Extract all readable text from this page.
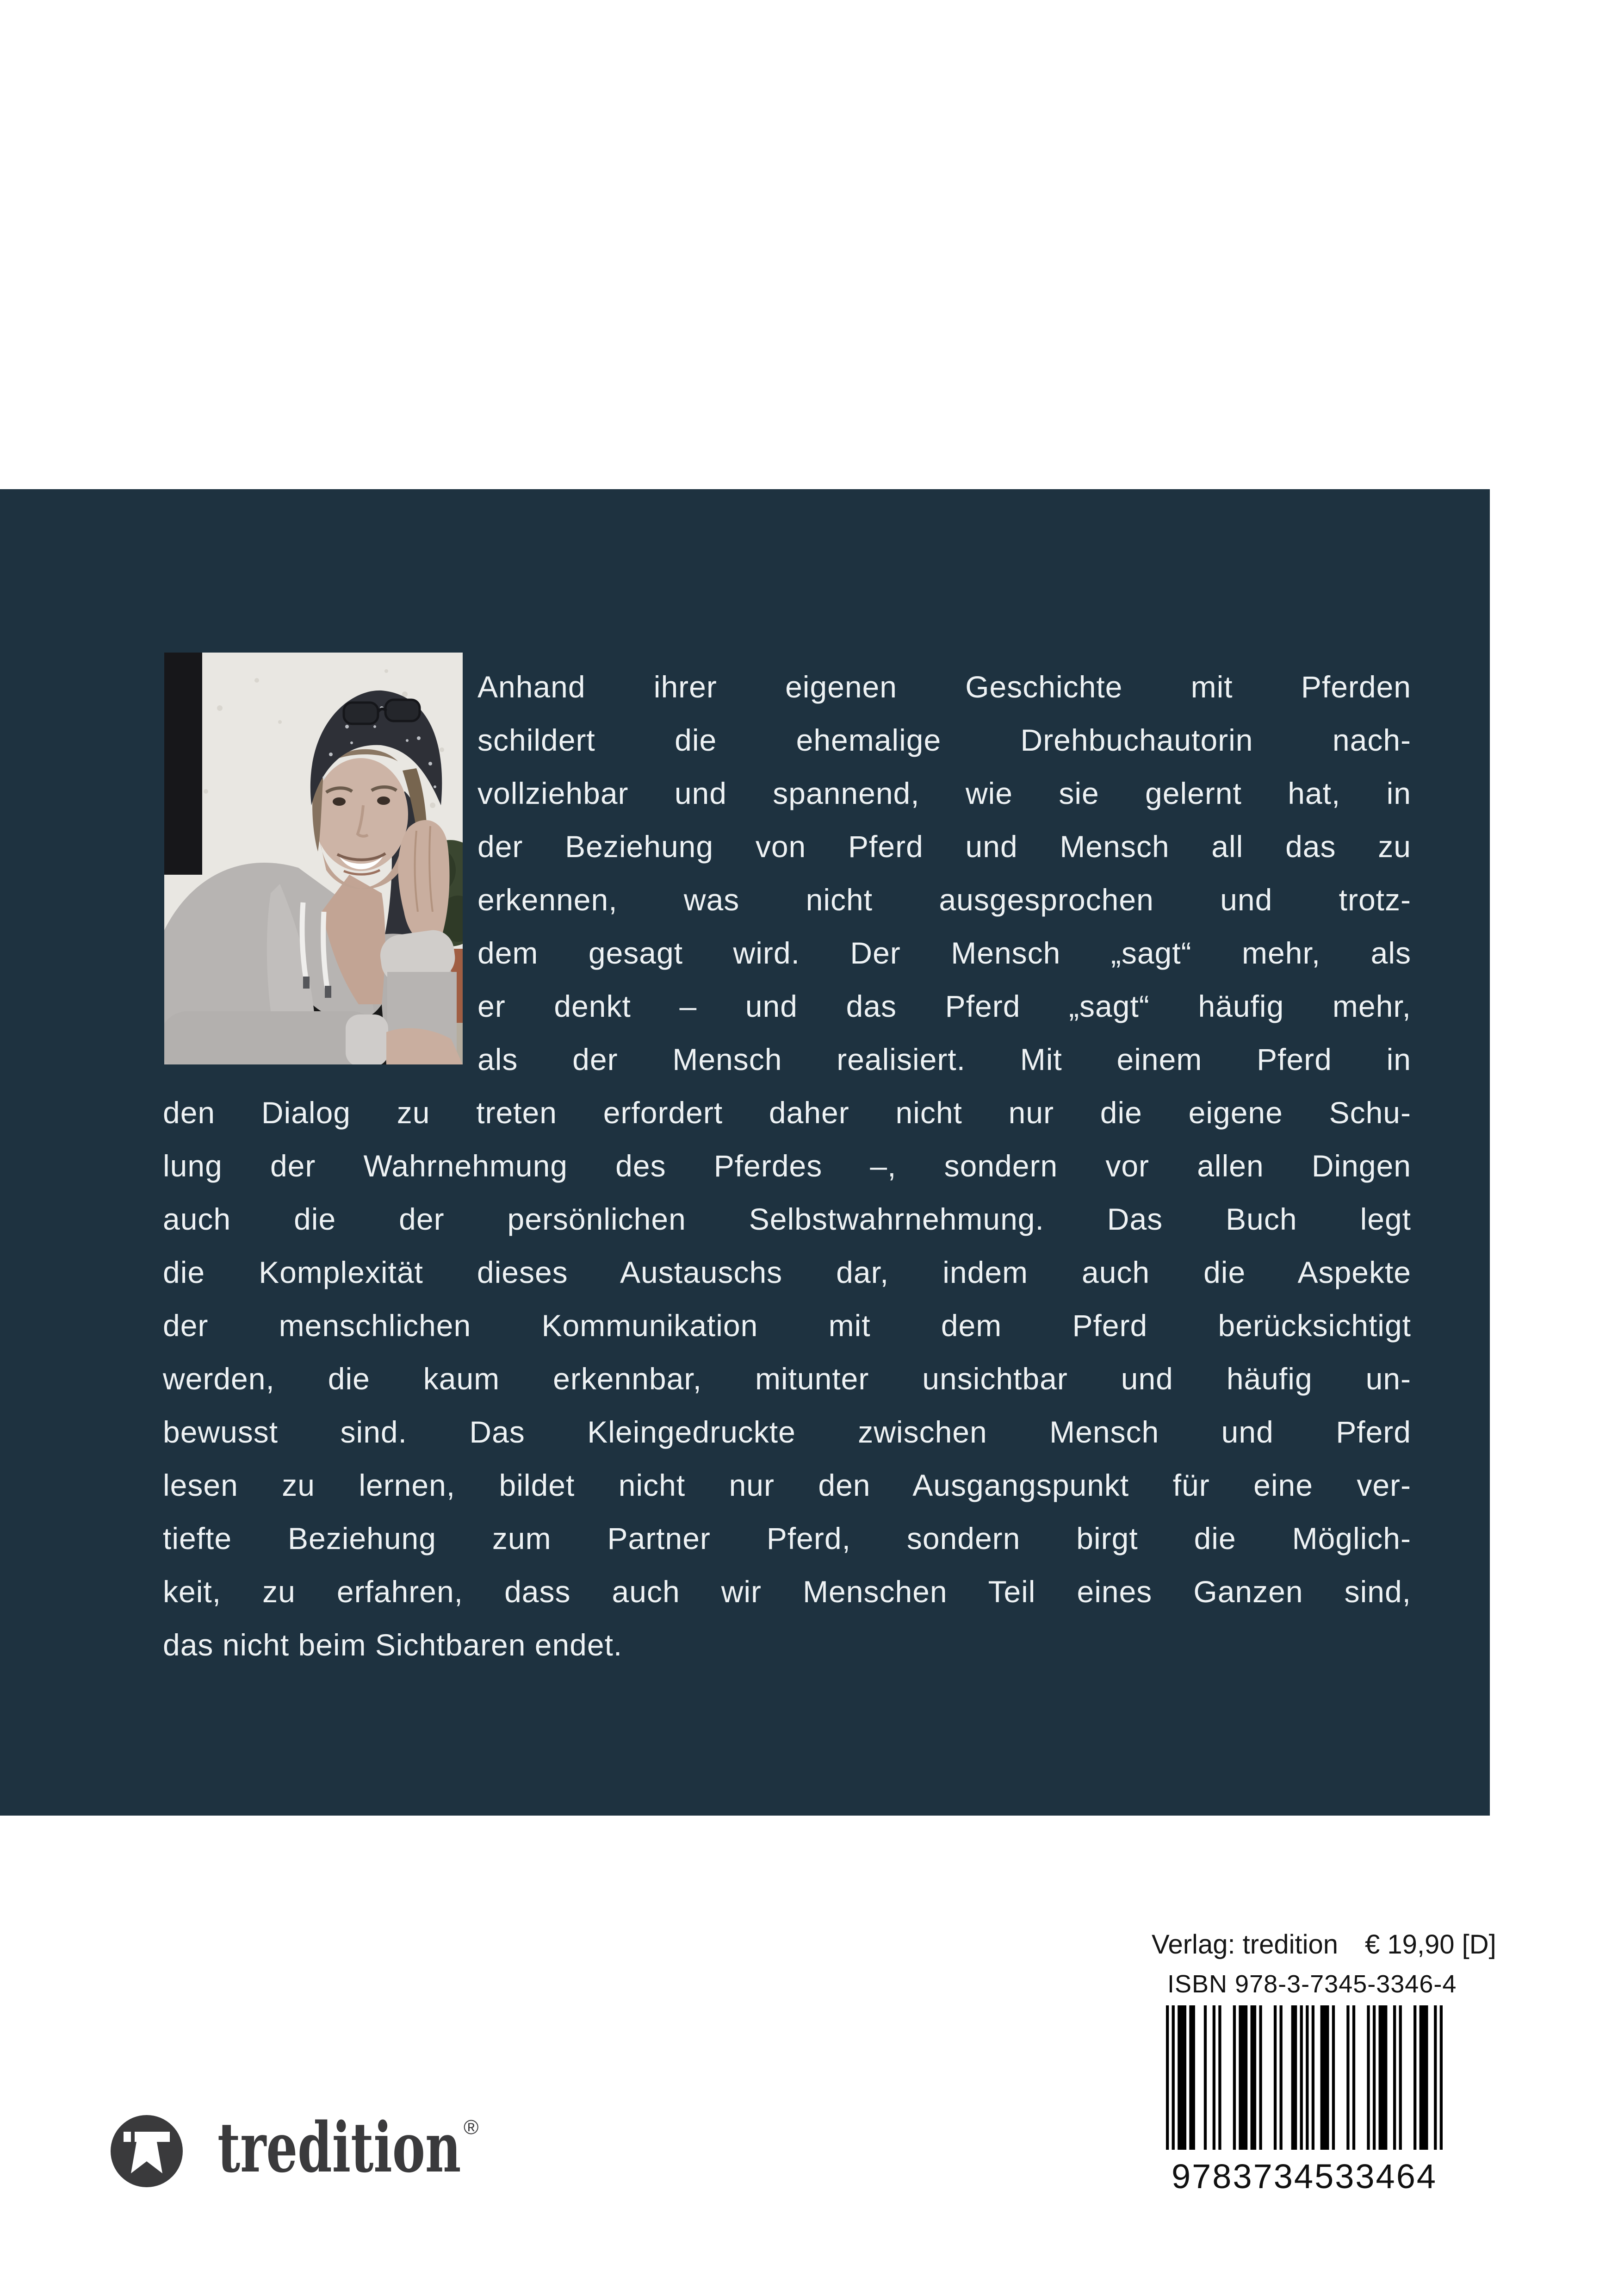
Anhand ihrer eigenen Geschichte mit Pferden
schildert die ehemalige Drehbuchautorin nach-
vollziehbar und spannend, wie sie gelernt hat, in
der Beziehung von Pferd und Mensch all das zu
erkennen, was nicht ausgesprochen und trotz-
dem gesagt wird. Der Mensch „sagt“ mehr, als
er denkt – und das Pferd „sagt“ häufig mehr,
als der Mensch realisiert. Mit einem Pferd in
den Dialog zu treten erfordert daher nicht nur die eigene Schu-
lung der Wahrnehmung des Pferdes –, sondern vor allen Dingen
auch die der persönlichen Selbstwahrnehmung. Das Buch legt
die Komplexität dieses Austauschs dar, indem auch die Aspekte
der menschlichen Kommunikation mit dem Pferd berücksichtigt
werden, die kaum erkennbar, mitunter unsichtbar und häufig un-
bewusst sind. Das Kleingedruckte zwischen Mensch und Pferd
lesen zu lernen, bildet nicht nur den Ausgangspunkt für eine ver-
tiefte Beziehung zum Partner Pferd, sondern birgt die Möglich-
keit, zu erfahren, dass auch wir Menschen Teil eines Ganzen sind,
das nicht beim Sichtbaren endet.
Verlag: tredition € 19,90 [D]
ISBN 978-3-7345-3346-4
9783734533464
tredition ®
